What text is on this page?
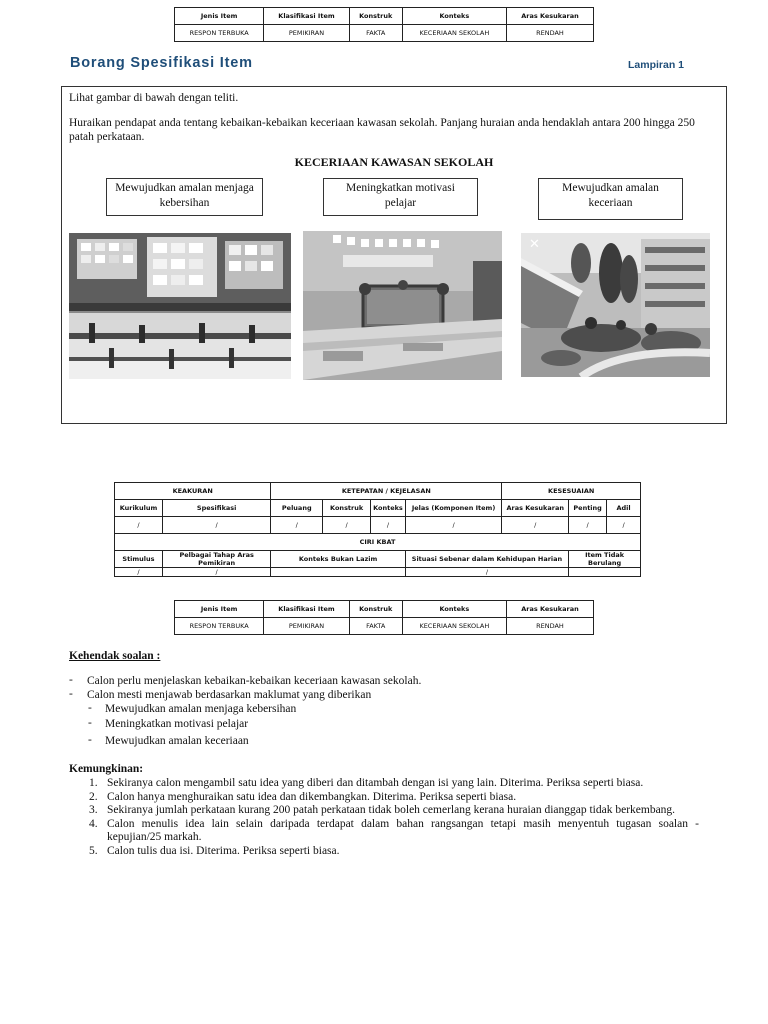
Jenis Item	Klasifikasi Item	Konstruk	Konteks	Aras Kesukaran
RESPON TERBUKA	PEMIKIRAN	FAKTA	KECERIAAN SEKOLAH	RENDAH
Borang Spesifikasi Item	Lampiran 1
Lihat gambar di bawah dengan teliti.
Huraikan pendapat anda tentang kebaikan-kebaikan keceriaan kawasan sekolah. Panjang huraian anda hendaklah antara 200 hingga 250
patah perkataan.
KECERIAAN KAWASAN SEKOLAH
Mewujudkan amalan menjaga
kebersihan
Meningkatkan motivasi
pelajar
Mewujudkan amalan
keceriaan
✕
KEAKURAN		KETEPATAN / KEJELASAN				KESESUAIAN		
Kurikulum	Spesifikasi	Peluang	Konstruk	Konteks	Jelas (Komponen Item)	Aras Kesukaran	Penting	Adil
/	/	/	/	/	/	/	/	/
CIRI KBAT								
Stimulus	Pelbagai Tahap Aras Pemikiran	Konteks Bukan Lazim			Situasi Sebenar dalam Kehidupan Harian		Item Tidak Berulang	
/	/				/			
Jenis Item	Klasifikasi Item	Konstruk	Konteks	Aras Kesukaran
RESPON TERBUKA	PEMIKIRAN	FAKTA	KECERIAAN SEKOLAH	RENDAH
Kehendak soalan :
- Calon perlu menjelaskan kebaikan-kebaikan keceriaan kawasan sekolah.
- Calon mesti menjawab berdasarkan maklumat yang diberikan
- Mewujudkan amalan menjaga kebersihan
- Meningkatkan motivasi pelajar
- Mewujudkan amalan keceriaan
Kemungkinan:
1. Sekiranya calon mengambil satu idea yang diberi dan ditambah dengan isi yang lain. Diterima. Periksa seperti biasa.
2. Calon hanya menghuraikan satu idea dan dikembangkan. Diterima. Periksa seperti biasa.
3. Sekiranya jumlah perkataan kurang 200 patah perkataan tidak boleh cemerlang kerana huraian dianggap tidak berkembang.
4. Calon menulis idea lain selain daripada terdapat dalam bahan rangsangan tetapi masih menyentuh tugasan soalan -
kepujian/25 markah.
5. Calon tulis dua isi. Diterima. Periksa seperti biasa.
